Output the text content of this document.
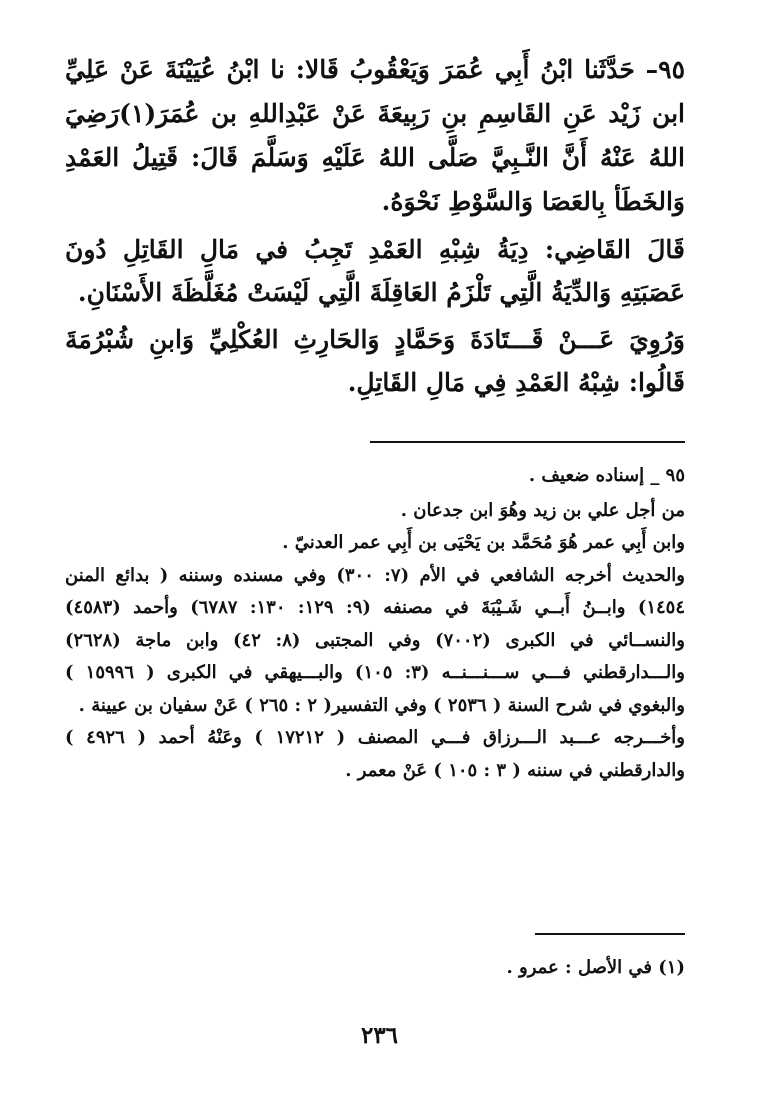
٩٥– حَدَّثَنا ابْنُ أَبِي عُمَرَ وَيَعْقُوبُ قَالا: نا ابْنُ عُيَيْنَةَ عَنْ عَلِيِّ ابن زَيْد عَنِ القَاسِمِ بنِ رَبِيعَةَ عَنْ عَبْدِاللهِ بن عُمَرَ(١)رَضِيَ اللهُ عَنْهُ أَنَّ النَّـبِيَّ صَلَّى اللهُ عَلَيْهِ وَسَلَّمَ قَالَ: قَتِيلُ العَمْدِ وَالخَطَأ بِالعَصَا وَالسَّوْطِ نَحْوَهُ.

قَالَ القَاضِي: دِيَةُ شِبْهِ العَمْدِ تَجِبُ في مَالِ القَاتِلِ دُونَ عَصَبَتِهِ وَالدِّيَةُ الَّتِي تَلْزَمُ العَاقِلَةَ الَّتِي لَيْسَتْ مُغَلَّظَةَ الأَسْنَانِ.

وَرُوِيَ عَـــنْ قَـــتَادَةَ وَحَمَّادٍ وَالحَارِثِ العُكْلِيِّ وَابنِ شُبْرُمَةَ قَالُوا: شِبْهُ العَمْدِ فِي مَالِ القَاتِلِ.

٩٥ _ إسناده ضعيف .

من أجل علي بن زيد وهُوَ ابن جدعان .

وابن أَبِي عمر هُوَ مُحَمَّد بن يَحْيَى بن أَبِي عمر العدنيّ .

والحديث أخرجه الشافعي في الأم (٧: ٣٠٠) وفي مسنده وسننه ( بدائع المنن ١٤٥٤) وابــنُ أَبــي شَـيْبَةَ في مصنفه (٩: ١٢٩: ١٣٠: ٦٧٨٧) وأحمد (٤٥٨٣) والنســائي في الكبرى (٧٠٠٢) وفي المجتبى (٨: ٤٢) وابن ماجة (٢٦٢٨) والـــدارقطني فـــي ســـنـــنــه (٣: ١٠٥) والبـــيهقي في الكبرى ( ١٥٩٩٦ ) والبغوي في شرح السنة ( ٢٥٣٦ ) وفي التفسير( ٢ : ٢٦٥ ) عَنْ سفيان بن عيينة .

وأخـــرجه عـــبد الـــرزاق فـــي المصنف ( ١٧٢١٢ ) وعَنْهُ أحمد ( ٤٩٢٦ ) والدارقطني في سننه ( ٣ : ١٠٥ ) عَنْ معمر .

(١) في الأصل : عمرو .

٢٣٦
